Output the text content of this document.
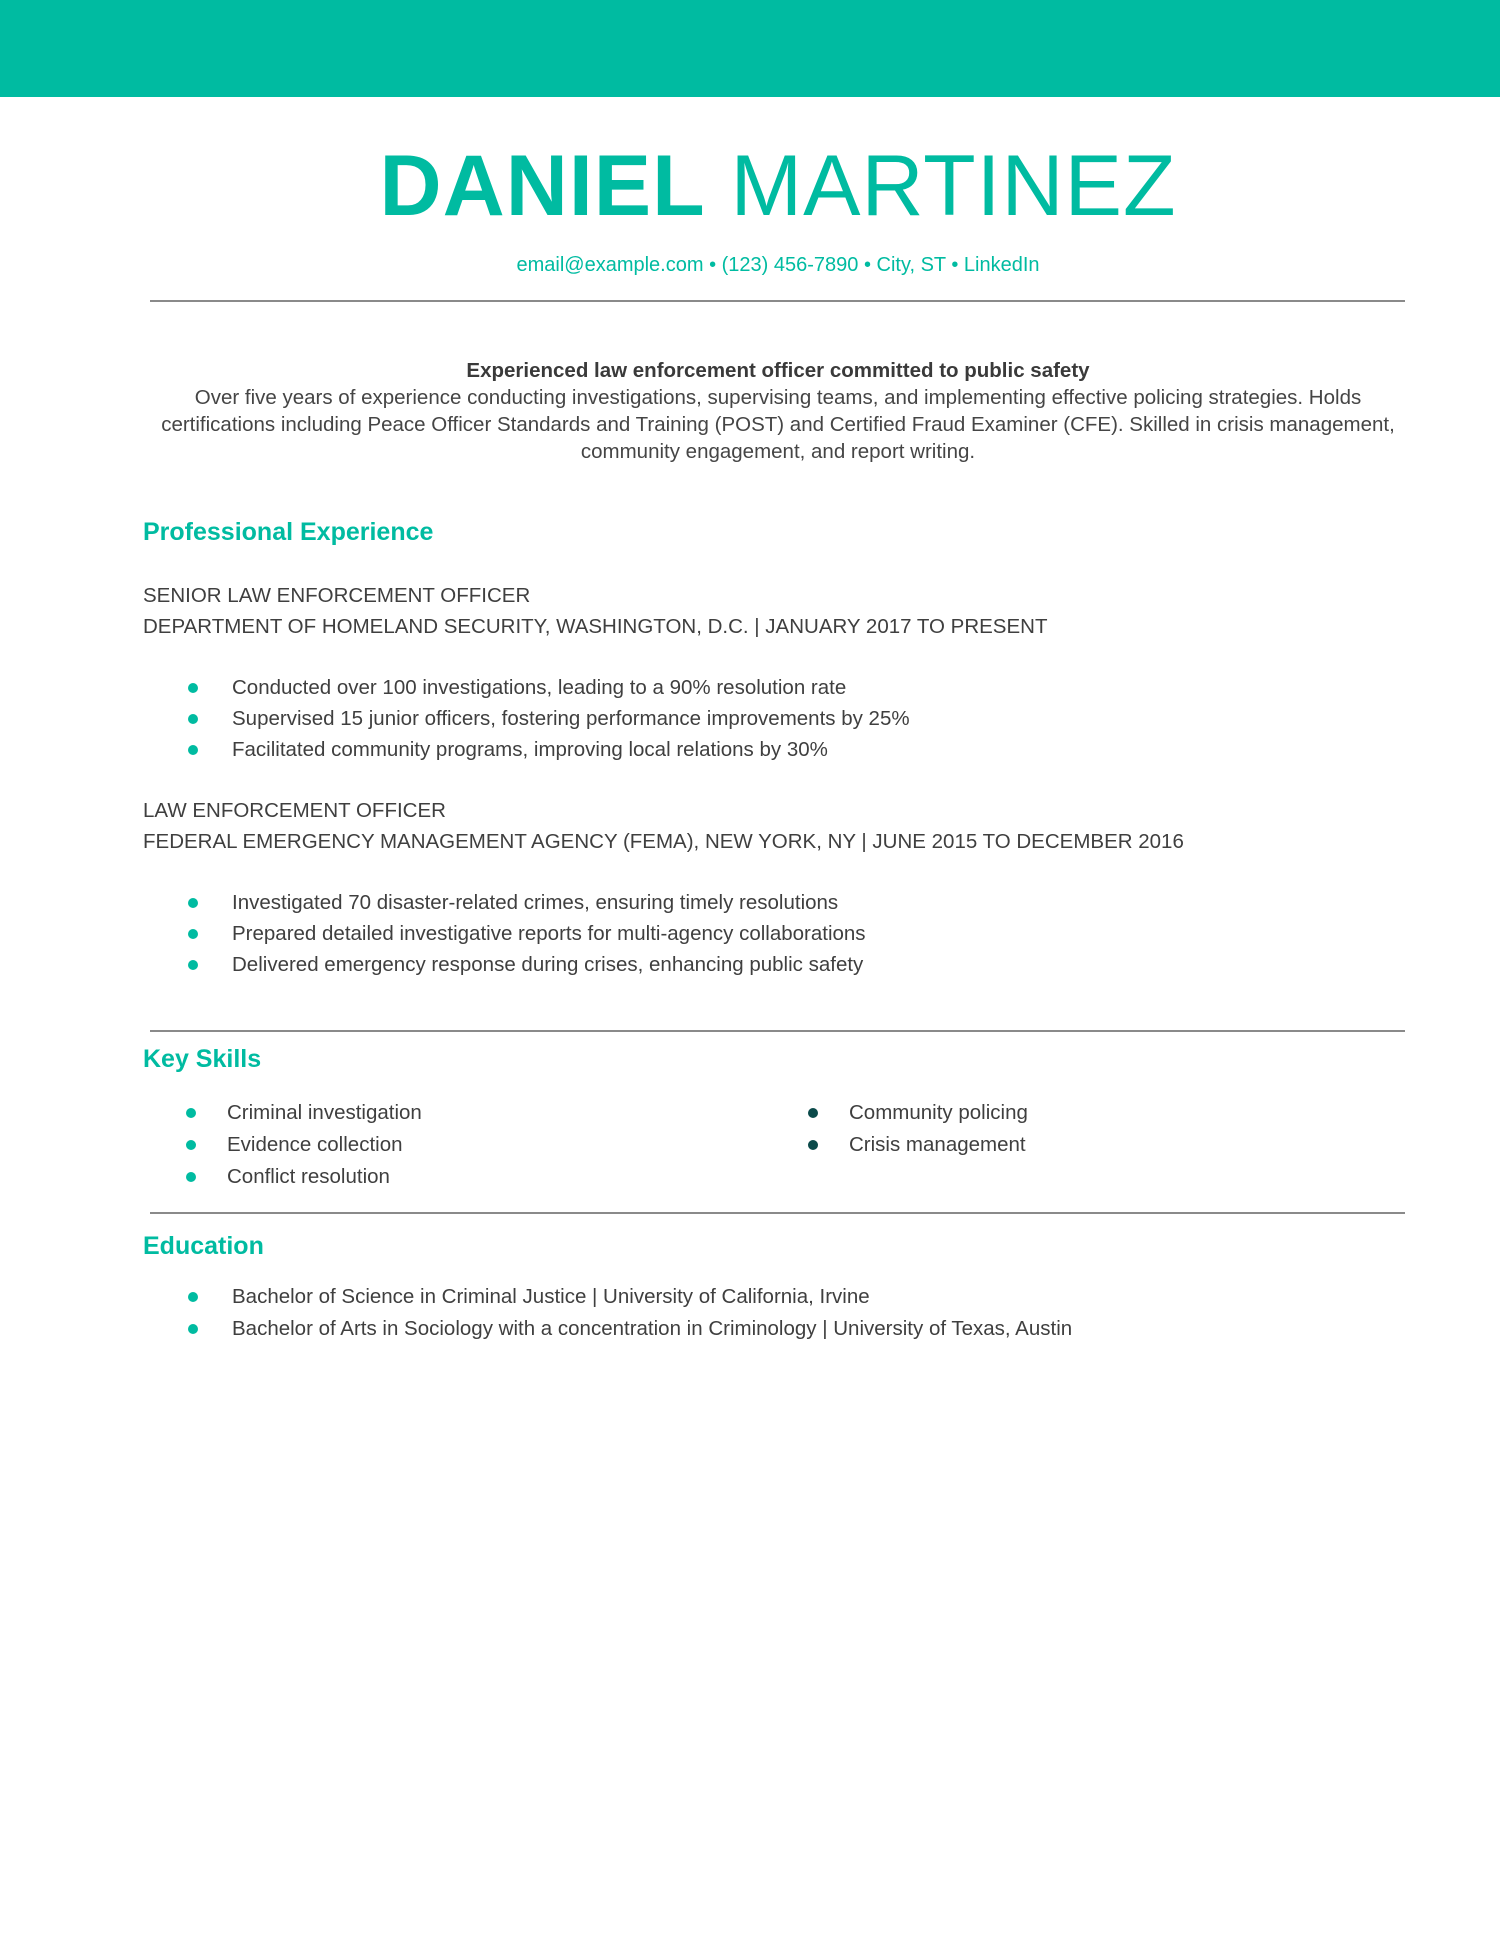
DANIEL MARTINEZ
email@example.com • (123) 456-7890 • City, ST • LinkedIn
Experienced law enforcement officer committed to public safety
Over five years of experience conducting investigations, supervising teams, and implementing effective policing strategies. Holds certifications including Peace Officer Standards and Training (POST) and Certified Fraud Examiner (CFE). Skilled in crisis management, community engagement, and report writing.
Professional Experience
SENIOR LAW ENFORCEMENT OFFICER
DEPARTMENT OF HOMELAND SECURITY, WASHINGTON, D.C. | JANUARY 2017 TO PRESENT
Conducted over 100 investigations, leading to a 90% resolution rate
Supervised 15 junior officers, fostering performance improvements by 25%
Facilitated community programs, improving local relations by 30%
LAW ENFORCEMENT OFFICER
FEDERAL EMERGENCY MANAGEMENT AGENCY (FEMA), NEW YORK, NY | JUNE 2015 TO DECEMBER 2016
Investigated 70 disaster-related crimes, ensuring timely resolutions
Prepared detailed investigative reports for multi-agency collaborations
Delivered emergency response during crises, enhancing public safety
Key Skills
Criminal investigation
Evidence collection
Conflict resolution
Community policing
Crisis management
Education
Bachelor of Science in Criminal Justice | University of California, Irvine
Bachelor of Arts in Sociology with a concentration in Criminology | University of Texas, Austin
